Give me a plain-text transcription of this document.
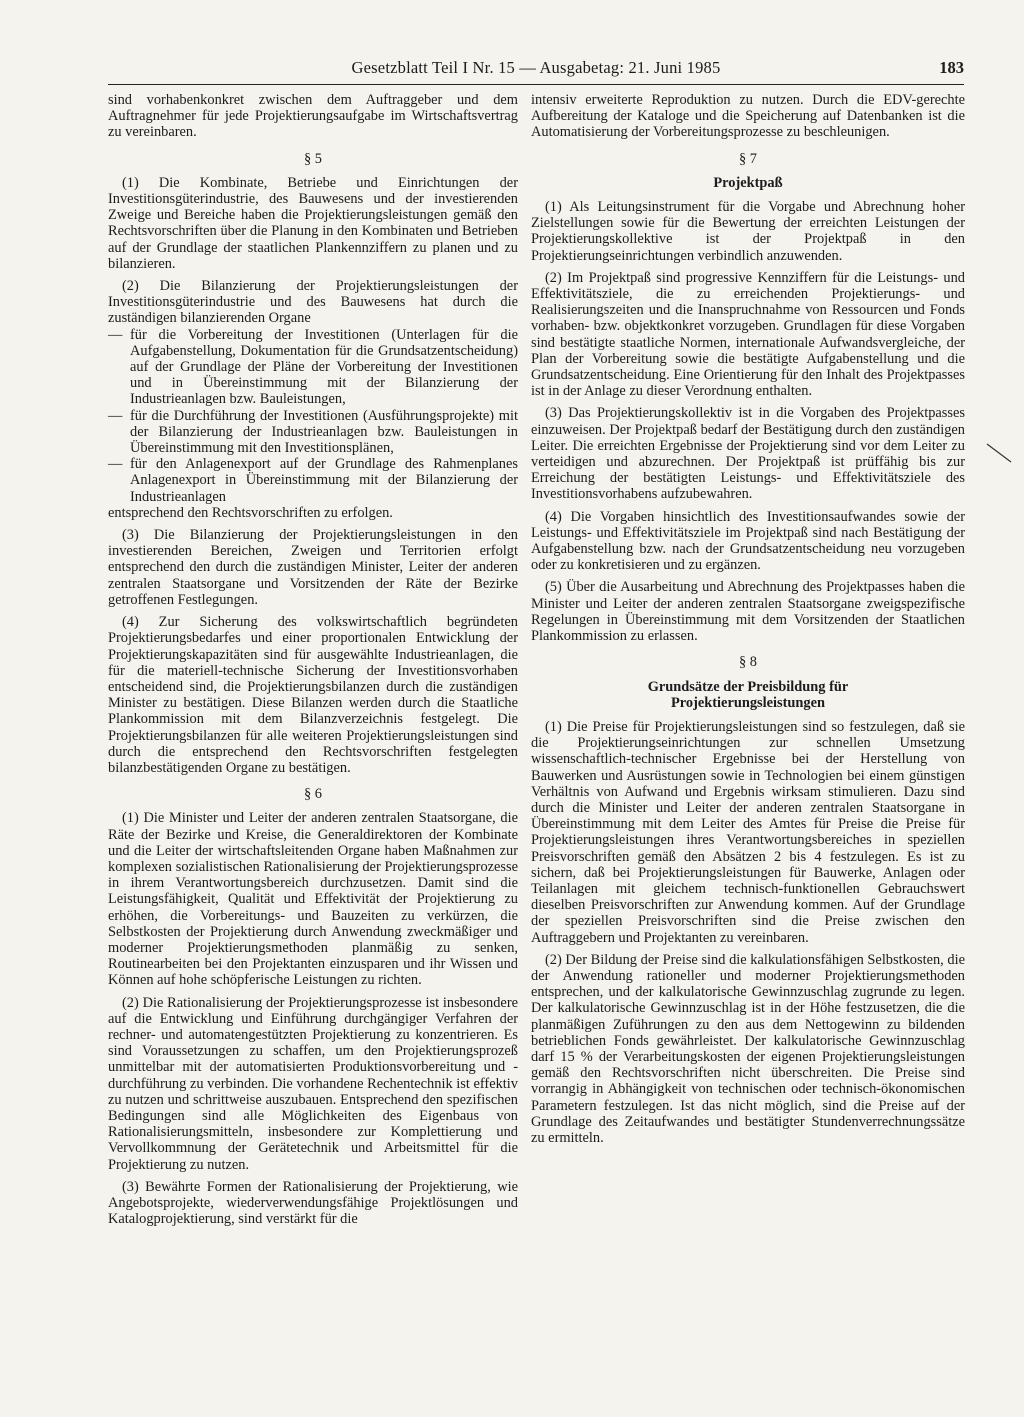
Gesetzblatt Teil I Nr. 15 — Ausgabetag: 21. Juni 1985	183

sind vorhabenkonkret zwischen dem Auftraggeber und dem Auftragnehmer für jede Projektierungsaufgabe im Wirtschaftsvertrag zu vereinbaren.

§ 5

(1) Die Kombinate, Betriebe und Einrichtungen der Investitionsgüterindustrie, des Bauwesens und der investierenden Zweige und Bereiche haben die Projektierungsleistungen gemäß den Rechtsvorschriften über die Planung in den Kombinaten und Betrieben auf der Grundlage der staatlichen Plankennziffern zu planen und zu bilanzieren.

(2) Die Bilanzierung der Projektierungsleistungen der Investitionsgüterindustrie und des Bauwesens hat durch die zuständigen bilanzierenden Organe

— für die Vorbereitung der Investitionen (Unterlagen für die Aufgabenstellung, Dokumentation für die Grundsatzentscheidung) auf der Grundlage der Pläne der Vorbereitung der Investitionen und in Übereinstimmung mit der Bilanzierung der Industrieanlagen bzw. Bauleistungen,
— für die Durchführung der Investitionen (Ausführungsprojekte) mit der Bilanzierung der Industrieanlagen bzw. Bauleistungen in Übereinstimmung mit den Investitionsplänen,
— für den Anlagenexport auf der Grundlage des Rahmenplanes Anlagenexport in Übereinstimmung mit der Bilanzierung der Industrieanlagen

entsprechend den Rechtsvorschriften zu erfolgen.

(3) Die Bilanzierung der Projektierungsleistungen in den investierenden Bereichen, Zweigen und Territorien erfolgt entsprechend den durch die zuständigen Minister, Leiter der anderen zentralen Staatsorgane und Vorsitzenden der Räte der Bezirke getroffenen Festlegungen.

(4) Zur Sicherung des volkswirtschaftlich begründeten Projektierungsbedarfes und einer proportionalen Entwicklung der Projektierungskapazitäten sind für ausgewählte Industrieanlagen, die für die materiell-technische Sicherung der Investitionsvorhaben entscheidend sind, die Projektierungsbilanzen durch die zuständigen Minister zu bestätigen. Diese Bilanzen werden durch die Staatliche Plankommission mit dem Bilanzverzeichnis festgelegt. Die Projektierungsbilanzen für alle weiteren Projektierungsleistungen sind durch die entsprechend den Rechtsvorschriften festgelegten bilanzbestätigenden Organe zu bestätigen.

§ 6

(1) Die Minister und Leiter der anderen zentralen Staatsorgane, die Räte der Bezirke und Kreise, die Generaldirektoren der Kombinate und die Leiter der wirtschaftsleitenden Organe haben Maßnahmen zur komplexen sozialistischen Rationalisierung der Projektierungsprozesse in ihrem Verantwortungsbereich durchzusetzen. Damit sind die Leistungsfähigkeit, Qualität und Effektivität der Projektierung zu erhöhen, die Vorbereitungs- und Bauzeiten zu verkürzen, die Selbstkosten der Projektierung durch Anwendung zweckmäßiger und moderner Projektierungsmethoden planmäßig zu senken, Routinearbeiten bei den Projektanten einzusparen und ihr Wissen und Können auf hohe schöpferische Leistungen zu richten.

(2) Die Rationalisierung der Projektierungsprozesse ist insbesondere auf die Entwicklung und Einführung durchgängiger Verfahren der rechner- und automatengestützten Projektierung zu konzentrieren. Es sind Voraussetzungen zu schaffen, um den Projektierungsprozeß unmittelbar mit der automatisierten Produktionsvorbereitung und -durchführung zu verbinden. Die vorhandene Rechentechnik ist effektiv zu nutzen und schrittweise auszubauen. Entsprechend den spezifischen Bedingungen sind alle Möglichkeiten des Eigenbaus von Rationalisierungsmitteln, insbesondere zur Komplettierung und Vervollkommnung der Gerätetechnik und Arbeitsmittel für die Projektierung zu nutzen.

(3) Bewährte Formen der Rationalisierung der Projektierung, wie Angebotsprojekte, wiederverwendungsfähige Projektlösungen und Katalogprojektierung, sind verstärkt für die

intensiv erweiterte Reproduktion zu nutzen. Durch die EDV-gerechte Aufbereitung der Kataloge und die Speicherung auf Datenbanken ist die Automatisierung der Vorbereitungsprozesse zu beschleunigen.

§ 7
Projektpaß

(1) Als Leitungsinstrument für die Vorgabe und Abrechnung hoher Zielstellungen sowie für die Bewertung der erreichten Leistungen der Projektierungskollektive ist der Projektpaß in den Projektierungseinrichtungen verbindlich anzuwenden.

(2) Im Projektpaß sind progressive Kennziffern für die Leistungs- und Effektivitätsziele, die zu erreichenden Projektierungs- und Realisierungszeiten und die Inanspruchnahme von Ressourcen und Fonds vorhaben- bzw. objektkonkret vorzugeben. Grundlagen für diese Vorgaben sind bestätigte staatliche Normen, internationale Aufwandsvergleiche, der Plan der Vorbereitung sowie die bestätigte Aufgabenstellung und die Grundsatzentscheidung. Eine Orientierung für den Inhalt des Projektpasses ist in der Anlage zu dieser Verordnung enthalten.

(3) Das Projektierungskollektiv ist in die Vorgaben des Projektpasses einzuweisen. Der Projektpaß bedarf der Bestätigung durch den zuständigen Leiter. Die erreichten Ergebnisse der Projektierung sind vor dem Leiter zu verteidigen und abzurechnen. Der Projektpaß ist prüffähig bis zur Erreichung der bestätigten Leistungs- und Effektivitätsziele des Investitionsvorhabens aufzubewahren.

(4) Die Vorgaben hinsichtlich des Investitionsaufwandes sowie der Leistungs- und Effektivitätsziele im Projektpaß sind nach Bestätigung der Aufgabenstellung bzw. nach der Grundsatzentscheidung neu vorzugeben oder zu konkretisieren und zu ergänzen.

(5) Über die Ausarbeitung und Abrechnung des Projektpasses haben die Minister und Leiter der anderen zentralen Staatsorgane zweigspezifische Regelungen in Übereinstimmung mit dem Vorsitzenden der Staatlichen Plankommission zu erlassen.

§ 8
Grundsätze der Preisbildung für
Projektierungsleistungen

(1) Die Preise für Projektierungsleistungen sind so festzulegen, daß sie die Projektierungseinrichtungen zur schnellen Umsetzung wissenschaftlich-technischer Ergebnisse bei der Herstellung von Bauwerken und Ausrüstungen sowie in Technologien bei einem günstigen Verhältnis von Aufwand und Ergebnis wirksam stimulieren. Dazu sind durch die Minister und Leiter der anderen zentralen Staatsorgane in Übereinstimmung mit dem Leiter des Amtes für Preise die Preise für Projektierungsleistungen ihres Verantwortungsbereiches in speziellen Preisvorschriften gemäß den Absätzen 2 bis 4 festzulegen. Es ist zu sichern, daß bei Projektierungsleistungen für Bauwerke, Anlagen oder Teilanlagen mit gleichem technisch-funktionellen Gebrauchswert dieselben Preisvorschriften zur Anwendung kommen. Auf der Grundlage der speziellen Preisvorschriften sind die Preise zwischen den Auftraggebern und Projektanten zu vereinbaren.

(2) Der Bildung der Preise sind die kalkulationsfähigen Selbstkosten, die der Anwendung rationeller und moderner Projektierungsmethoden entsprechen, und der kalkulatorische Gewinnzuschlag zugrunde zu legen. Der kalkulatorische Gewinnzuschlag ist in der Höhe festzusetzen, die die planmäßigen Zuführungen zu den aus dem Nettogewinn zu bildenden betrieblichen Fonds gewährleistet. Der kalkulatorische Gewinnzuschlag darf 15 % der Verarbeitungskosten der eigenen Projektierungsleistungen gemäß den Rechtsvorschriften nicht überschreiten. Die Preise sind vorrangig in Abhängigkeit von technischen oder technisch-ökonomischen Parametern festzulegen. Ist das nicht möglich, sind die Preise auf der Grundlage des Zeitaufwandes und bestätigter Stundenverrechnungssätze zu ermitteln.
